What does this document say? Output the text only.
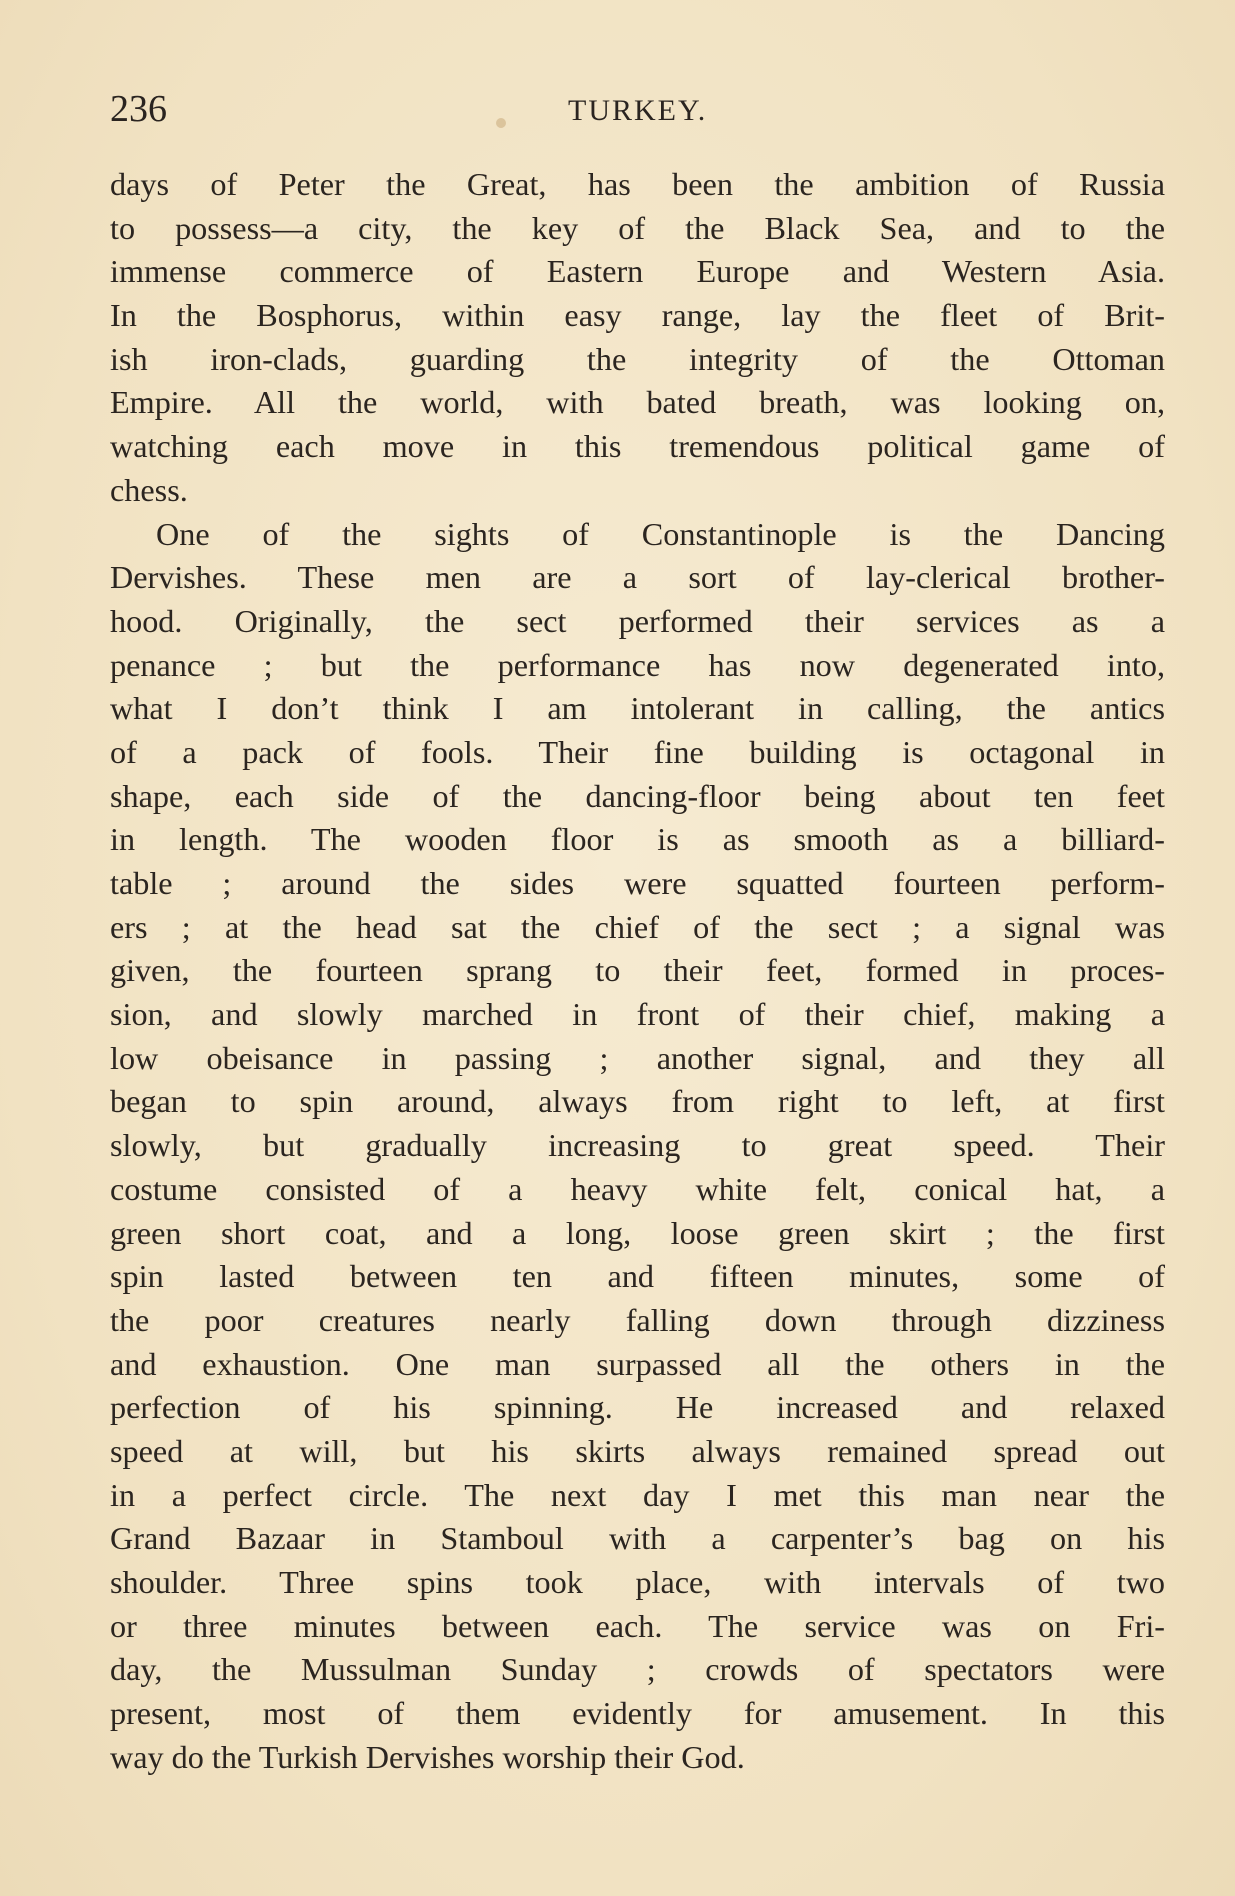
236	TURKEY.
days of Peter the Great, has been the ambition of Russia
to possess—a city, the key of the Black Sea, and to the
immense commerce of Eastern Europe and Western Asia.
In the Bosphorus, within easy range, lay the fleet of Brit-
ish iron-clads, guarding the integrity of the Ottoman
Empire. All the world, with bated breath, was looking on,
watching each move in this tremendous political game of
chess.
One of the sights of Constantinople is the Dancing
Dervishes. These men are a sort of lay-clerical brother-
hood. Originally, the sect performed their services as a
penance ; but the performance has now degenerated into,
what I don’t think I am intolerant in calling, the antics
of a pack of fools. Their fine building is octagonal in
shape, each side of the dancing-floor being about ten feet
in length. The wooden floor is as smooth as a billiard-
table ; around the sides were squatted fourteen perform-
ers ; at the head sat the chief of the sect ; a signal was
given, the fourteen sprang to their feet, formed in proces-
sion, and slowly marched in front of their chief, making a
low obeisance in passing ; another signal, and they all
began to spin around, always from right to left, at first
slowly, but gradually increasing to great speed. Their
costume consisted of a heavy white felt, conical hat, a
green short coat, and a long, loose green skirt ; the first
spin lasted between ten and fifteen minutes, some of
the poor creatures nearly falling down through dizziness
and exhaustion. One man surpassed all the others in the
perfection of his spinning. He increased and relaxed
speed at will, but his skirts always remained spread out
in a perfect circle. The next day I met this man near the
Grand Bazaar in Stamboul with a carpenter’s bag on his
shoulder. Three spins took place, with intervals of two
or three minutes between each. The service was on Fri-
day, the Mussulman Sunday ; crowds of spectators were
present, most of them evidently for amusement. In this
way do the Turkish Dervishes worship their God.
